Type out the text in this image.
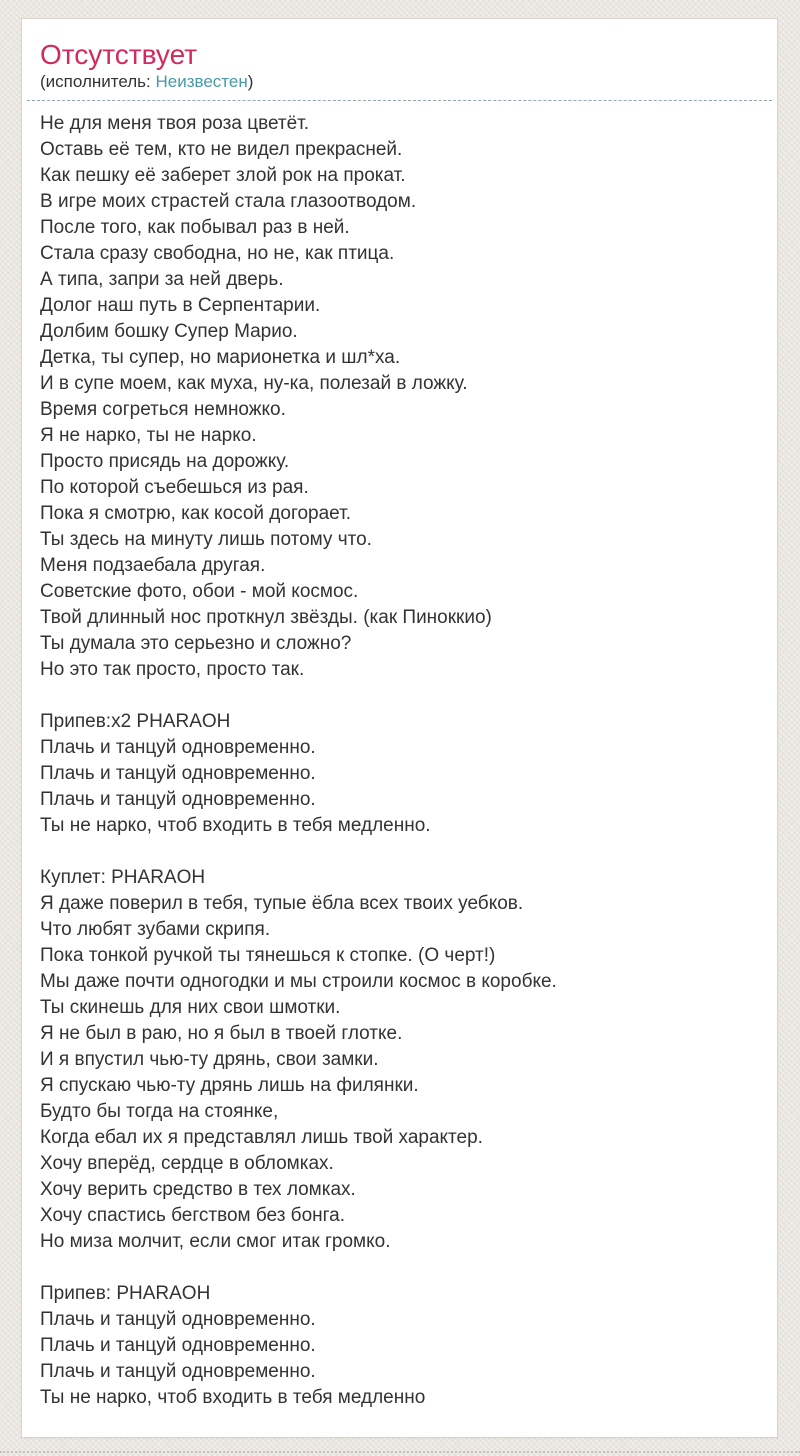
Отсутствует
(исполнитель: Неизвестен)
Не для меня твоя роза цветёт.
Оставь её тем, кто не видел прекрасней.
Как пешку её заберет злой рок на прокат.
В игре моих страстей стала глазоотводом.
После того, как побывал раз в ней.
Стала сразу свободна, но не, как птица.
А типа, запри за ней дверь.
Долог наш путь в Серпентарии.
Долбим бошку Супер Марио.
Детка, ты супер, но марионетка и шл*ха.
И в супе моем, как муха, ну-ка, полезай в ложку.
Время согреться немножко.
Я не нарко, ты не нарко.
Просто присядь на дорожку.
По которой съебешься из рая.
Пока я смотрю, как косой догорает.
Ты здесь на минуту лишь потому что.
Меня подзаебала другая.
Советские фото, обои - мой космос.
Твой длинный нос проткнул звёзды. (как Пиноккио)
Ты думала это серьезно и сложно?
Но это так просто, просто так.

Припев:x2 PHARAOH
Плачь и танцуй одновременно.
Плачь и танцуй одновременно.
Плачь и танцуй одновременно.
Ты не нарко, чтоб входить в тебя медленно.

Куплет: PHARAOH
Я даже поверил в тебя, тупые ёбла всех твоих уебков.
Что любят зубами скрипя.
Пока тонкой ручкой ты тянешься к стопке. (О черт!)
Мы даже почти одногодки и мы строили космос в коробке.
Ты скинешь для них свои шмотки.
Я не был в раю, но я был в твоей глотке.
И я впустил чью-ту дрянь, свои замки.
Я спускаю чью-ту дрянь лишь на филянки.
Будто бы тогда на стоянке,
Когда ебал их я представлял лишь твой характер.
Хочу вперёд, сердце в обломках.
Хочу верить средство в тех ломках.
Хочу спастись бегством без бонга.
Но миза молчит, если смог итак громко.

Припев: PHARAOH
Плачь и танцуй одновременно.
Плачь и танцуй одновременно.
Плачь и танцуй одновременно.
Ты не нарко, чтоб входить в тебя медленно
